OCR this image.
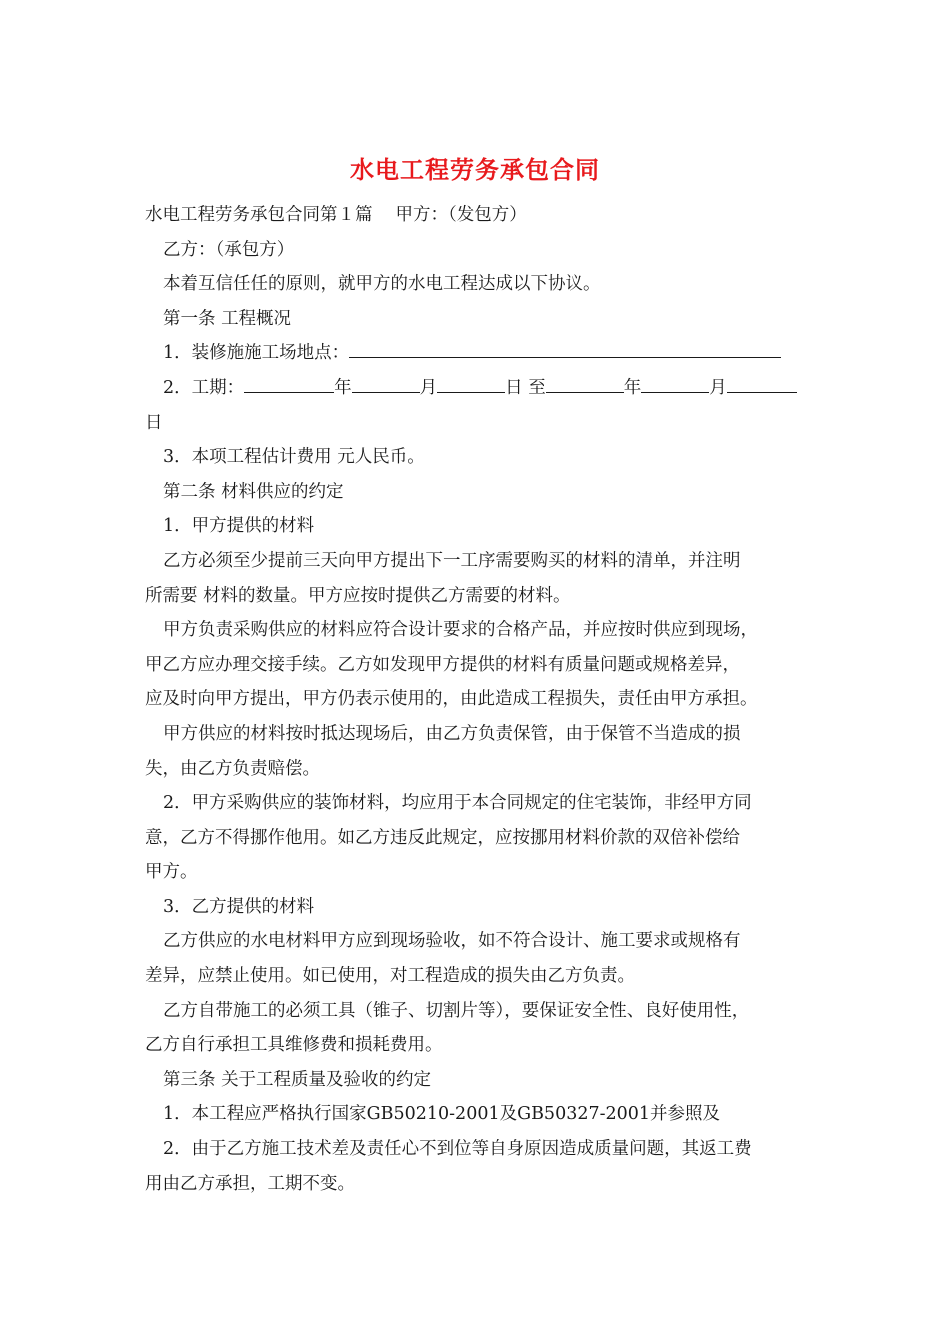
水电工程劳务承包合同
水电工程劳务承包合同第１篇　 甲方：（发包方）
乙方：（承包方）
本着互信任任的原则，就甲方的水电工程达成以下协议。
第一条 工程概况
1．装修施施工场地点：
2．工期：	年	月	日 至	年	月
日
3．本项工程估计费用 元人民币。
第二条 材料供应的约定
1．甲方提供的材料
乙方必须至少提前三天向甲方提出下一工序需要购买的材料的清单，并注明
所需要 材料的数量。甲方应按时提供乙方需要的材料。
甲方负责采购供应的材料应符合设计要求的合格产品，并应按时供应到现场，
甲乙方应办理交接手续。乙方如发现甲方提供的材料有质量问题或规格差异，
应及时向甲方提出，甲方仍表示使用的，由此造成工程损失，责任由甲方承担。
甲方供应的材料按时抵达现场后，由乙方负责保管，由于保管不当造成的损
失，由乙方负责赔偿。
2．甲方采购供应的装饰材料，均应用于本合同规定的住宅装饰，非经甲方同
意，乙方不得挪作他用。如乙方违反此规定，应按挪用材料价款的双倍补偿给
甲方。
3．乙方提供的材料
乙方供应的水电材料甲方应到现场验收，如不符合设计、施工要求或规格有
差异，应禁止使用。如已使用，对工程造成的损失由乙方负责。
乙方自带施工的必须工具（锥子、切割片等），要保证安全性、良好使用性，
乙方自行承担工具维修费和损耗费用。
第三条 关于工程质量及验收的约定
1．本工程应严格执行国家GB50210-2001及GB50327-2001并参照及
2．由于乙方施工技术差及责任心不到位等自身原因造成质量问题，其返工费
用由乙方承担，工期不变。
